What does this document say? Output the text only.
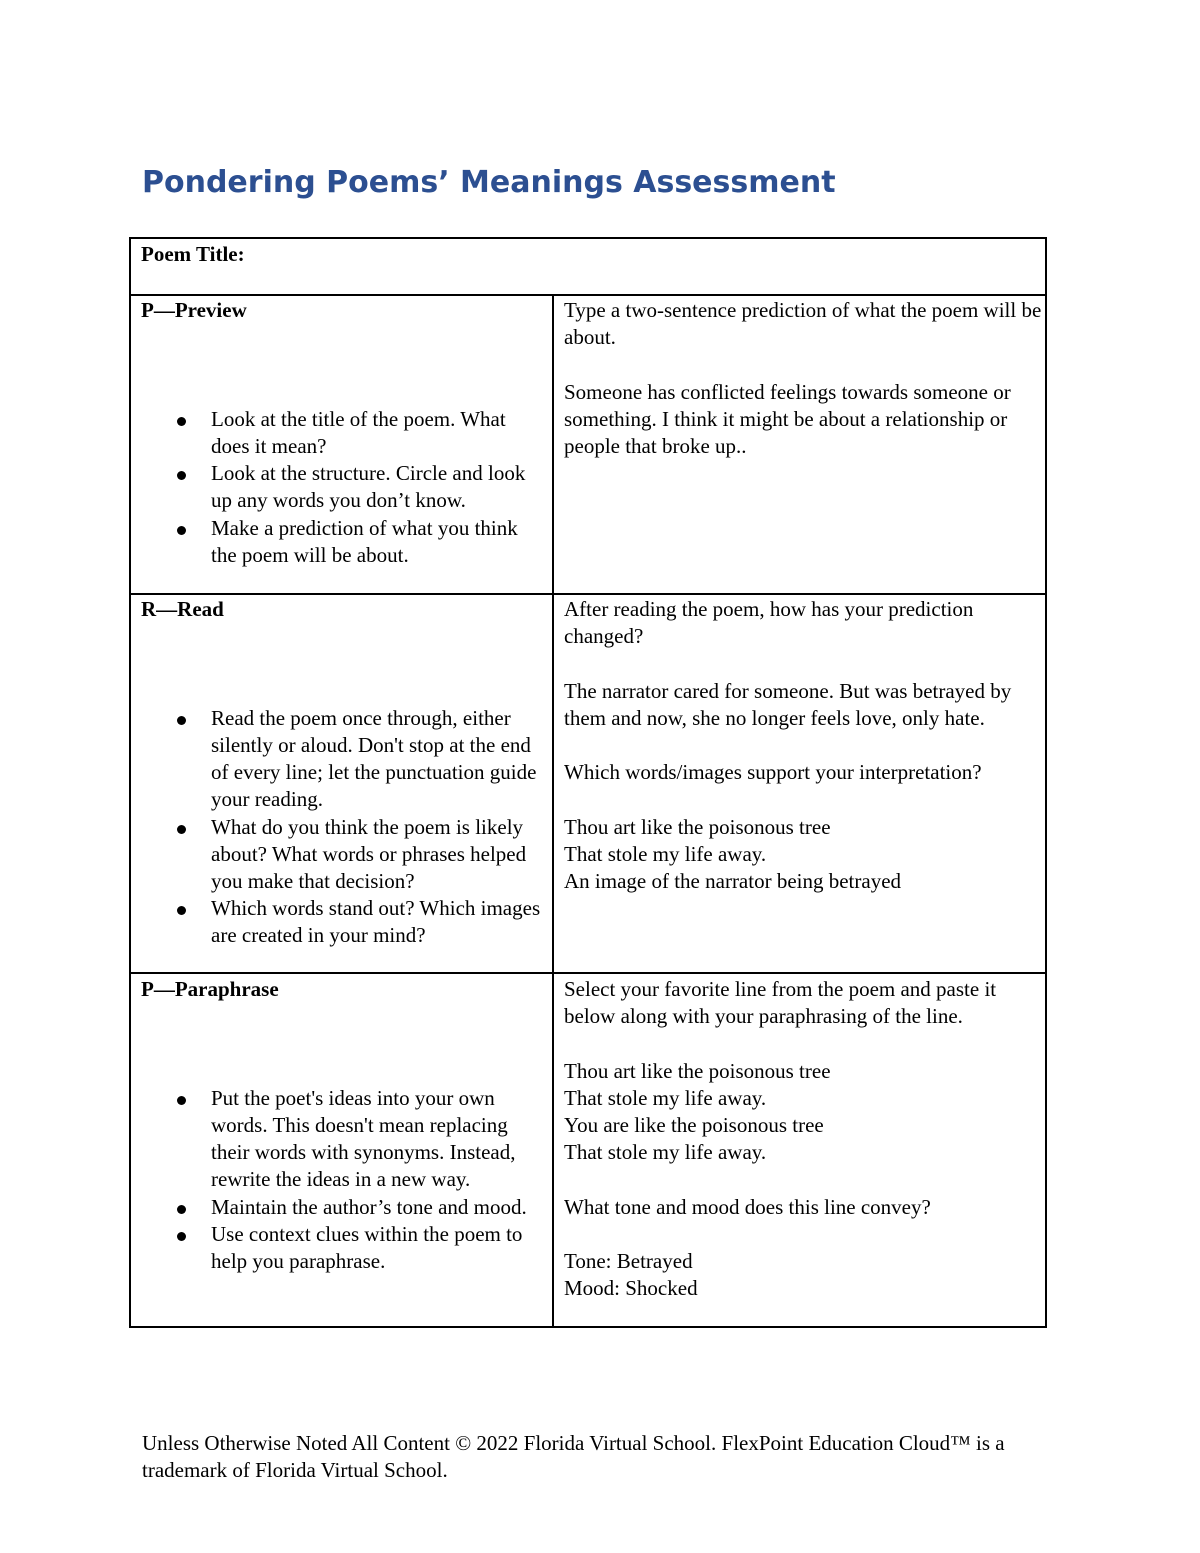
Pondering Poems’ Meanings Assessment

Poem Title:

P—Preview

Look at the title of the poem. What does it mean?
Look at the structure. Circle and look up any words you don’t know.
Make a prediction of what you think the poem will be about.

Type a two-sentence prediction of what the poem will be about.

Someone has conflicted feelings towards someone or something. I think it might be about a relationship or people that broke up..

R—Read

Read the poem once through, either silently or aloud. Don't stop at the end of every line; let the punctuation guide your reading.
What do you think the poem is likely about? What words or phrases helped you make that decision?
Which words stand out? Which images are created in your mind?

After reading the poem, how has your prediction changed?

The narrator cared for someone. But was betrayed by them and now, she no longer feels love, only hate.

Which words/images support your interpretation?

Thou art like the poisonous tree

That stole my life away.

An image of the narrator being betrayed

P—Paraphrase

Put the poet's ideas into your own words. This doesn't mean replacing their words with synonyms. Instead, rewrite the ideas in a new way.
Maintain the author’s tone and mood.
Use context clues within the poem to help you paraphrase.

Select your favorite line from the poem and paste it below along with your paraphrasing of the line.

Thou art like the poisonous tree

That stole my life away.

You are like the poisonous tree

That stole my life away.

What tone and mood does this line convey?

Tone: Betrayed

Mood: Shocked

Unless Otherwise Noted All Content © 2022 Florida Virtual School. FlexPoint Education Cloud™ is a trademark of Florida Virtual School.
